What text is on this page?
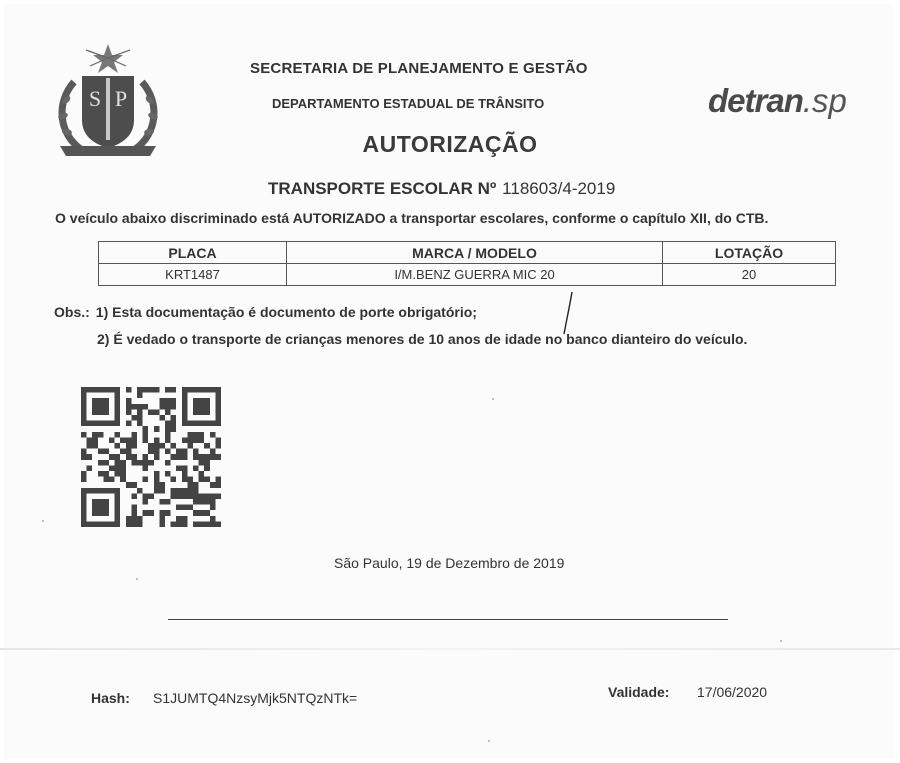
S P
SECRETARIA DE PLANEJAMENTO E GESTÃO
DEPARTAMENTO ESTADUAL DE TRÂNSITO	detran.sp
AUTORIZAÇÃO
TRANSPORTE ESCOLAR Nº 118603/4-2019
O veículo abaixo discriminado está AUTORIZADO a transportar escolares, conforme o capítulo XII, do CTB.
PLACA	MARCA / MODELO	LOTAÇÃO
KRT1487	I/M.BENZ GUERRA MIC 20	20
Obs.: 1) Esta documentação é documento de porte obrigatório;
2) É vedado o transporte de crianças menores de 10 anos de idade no banco dianteiro do veículo.
São Paulo, 19 de Dezembro de 2019
Hash: S1JUMTQ4NzsyMjk5NTQzNTk=	Validade: 17/06/2020
